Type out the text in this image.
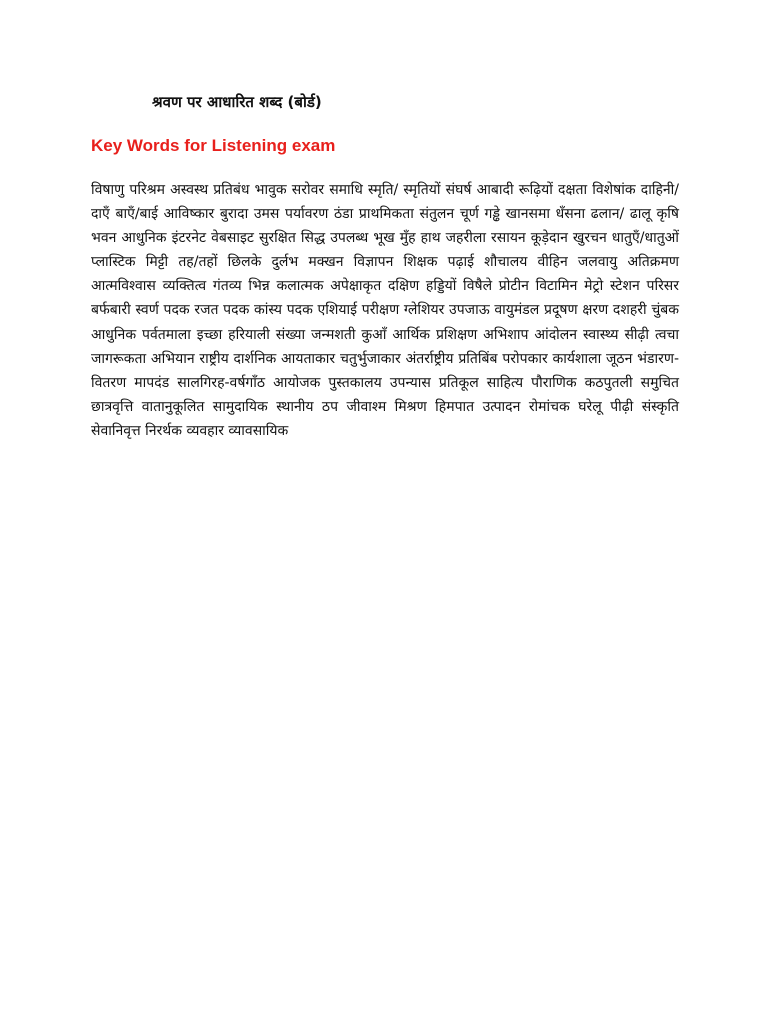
श्रवण पर आधारित शब्द (बोर्ड)
Key Words for Listening exam

विषाणु परिश्रम अस्वस्थ प्रतिबंध भावुक सरोवर समाधि स्मृति/ स्मृतियों संघर्ष आबादी रूढ़ियों दक्षता विशेषांक दाहिनी/ दाएँ बाएँ/बाई आविष्कार बुरादा उमस पर्यावरण ठंडा प्राथमिकता संतुलन चूर्ण गड्ढे खानसमा धँसना ढलान/ ढालू कृषि भवन आधुनिक इंटरनेट वेबसाइट सुरक्षित सिद्ध उपलब्ध भूख मुँह हाथ जहरीला रसायन कूड़ेदान खुरचन धातुएँ/धातुओं प्लास्टिक मिट्टी तह/तहों छिलके दुर्लभ मक्खन विज्ञापन शिक्षक पढ़ाई शौचालय वीहिन जलवायु अतिक्रमण आत्मविश्वास व्यक्तित्व गंतव्य भिन्न कलात्मक अपेक्षाकृत दक्षिण हड्डियों विषैले प्रोटीन विटामिन मेट्रो स्टेशन परिसर बर्फबारी स्वर्ण पदक रजत पदक कांस्य पदक एशियाई परीक्षण ग्लेशियर उपजाऊ वायुमंडल प्रदूषण क्षरण दशहरी चुंबक आधुनिक पर्वतमाला इच्छा हरियाली संख्या जन्मशती कुआँ आर्थिक प्रशिक्षण अभिशाप आंदोलन स्वास्थ्य सीढ़ी त्वचा जागरूकता अभियान राष्ट्रीय दार्शनिक आयताकार चतुर्भुजाकार अंतर्राष्ट्रीय प्रतिबिंब परोपकार कार्यशाला जूठन भंडारण-वितरण मापदंड सालगिरह-वर्षगाँठ आयोजक पुस्तकालय उपन्यास प्रतिकूल साहित्य पौराणिक कठपुतली समुचित छात्रवृत्ति वातानुकूलित सामुदायिक स्थानीय ठप जीवाश्म मिश्रण हिमपात उत्पादन रोमांचक घरेलू पीढ़ी संस्कृति सेवानिवृत्त निरर्थक व्यवहार व्यावसायिक
